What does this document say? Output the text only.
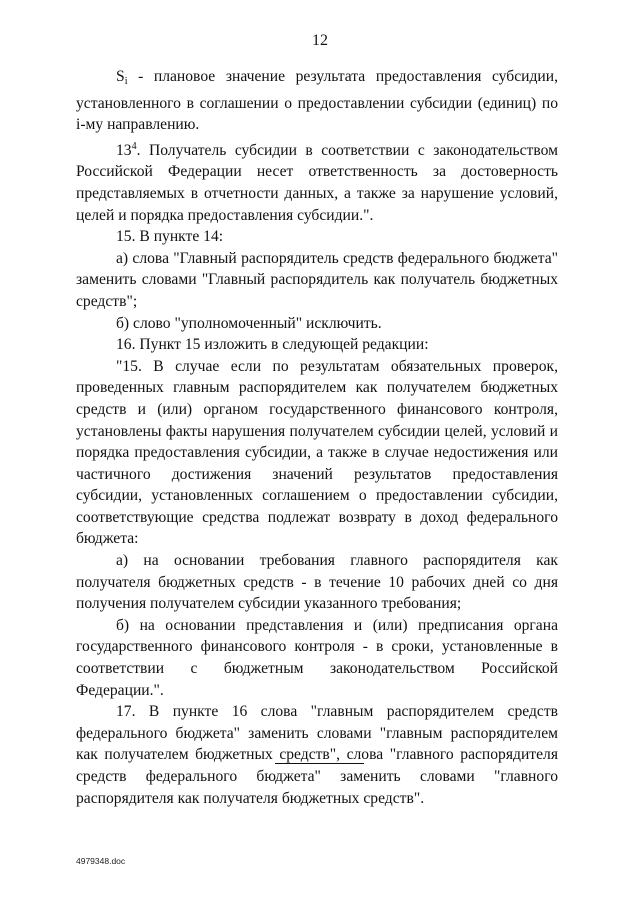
12

$S_i$ - плановое значение результата предоставления субсидии, установленного в соглашении о предоставлении субсидии (единиц) по i-му направлению.

$13^4$. Получатель субсидии в соответствии с законодательством Российской Федерации несет ответственность за достоверность представляемых в отчетности данных, а также за нарушение условий, целей и порядка предоставления субсидии.".

15. В пункте 14:

а) слова "Главный распорядитель средств федерального бюджета" заменить словами "Главный распорядитель как получатель бюджетных средств";

б) слово "уполномоченный" исключить.

16. Пункт 15 изложить в следующей редакции:

"15. В случае если по результатам обязательных проверок, проведенных главным распорядителем как получателем бюджетных средств и (или) органом государственного финансового контроля, установлены факты нарушения получателем субсидии целей, условий и порядка предоставления субсидии, а также в случае недостижения или частичного достижения значений результатов предоставления субсидии, установленных соглашением о предоставлении субсидии, соответствующие средства подлежат возврату в доход федерального бюджета:

а) на основании требования главного распорядителя как получателя бюджетных средств - в течение 10 рабочих дней со дня получения получателем субсидии указанного требования;

б) на основании представления и (или) предписания органа государственного финансового контроля - в сроки, установленные в соответствии с бюджетным законодательством Российской Федерации.".

17. В пункте 16 слова "главным распорядителем средств федерального бюджета" заменить словами "главным распорядителем как получателем бюджетных средств", слова "главного распорядителя средств федерального бюджета" заменить словами "главного распорядителя как получателя бюджетных средств".

4979348.doc
